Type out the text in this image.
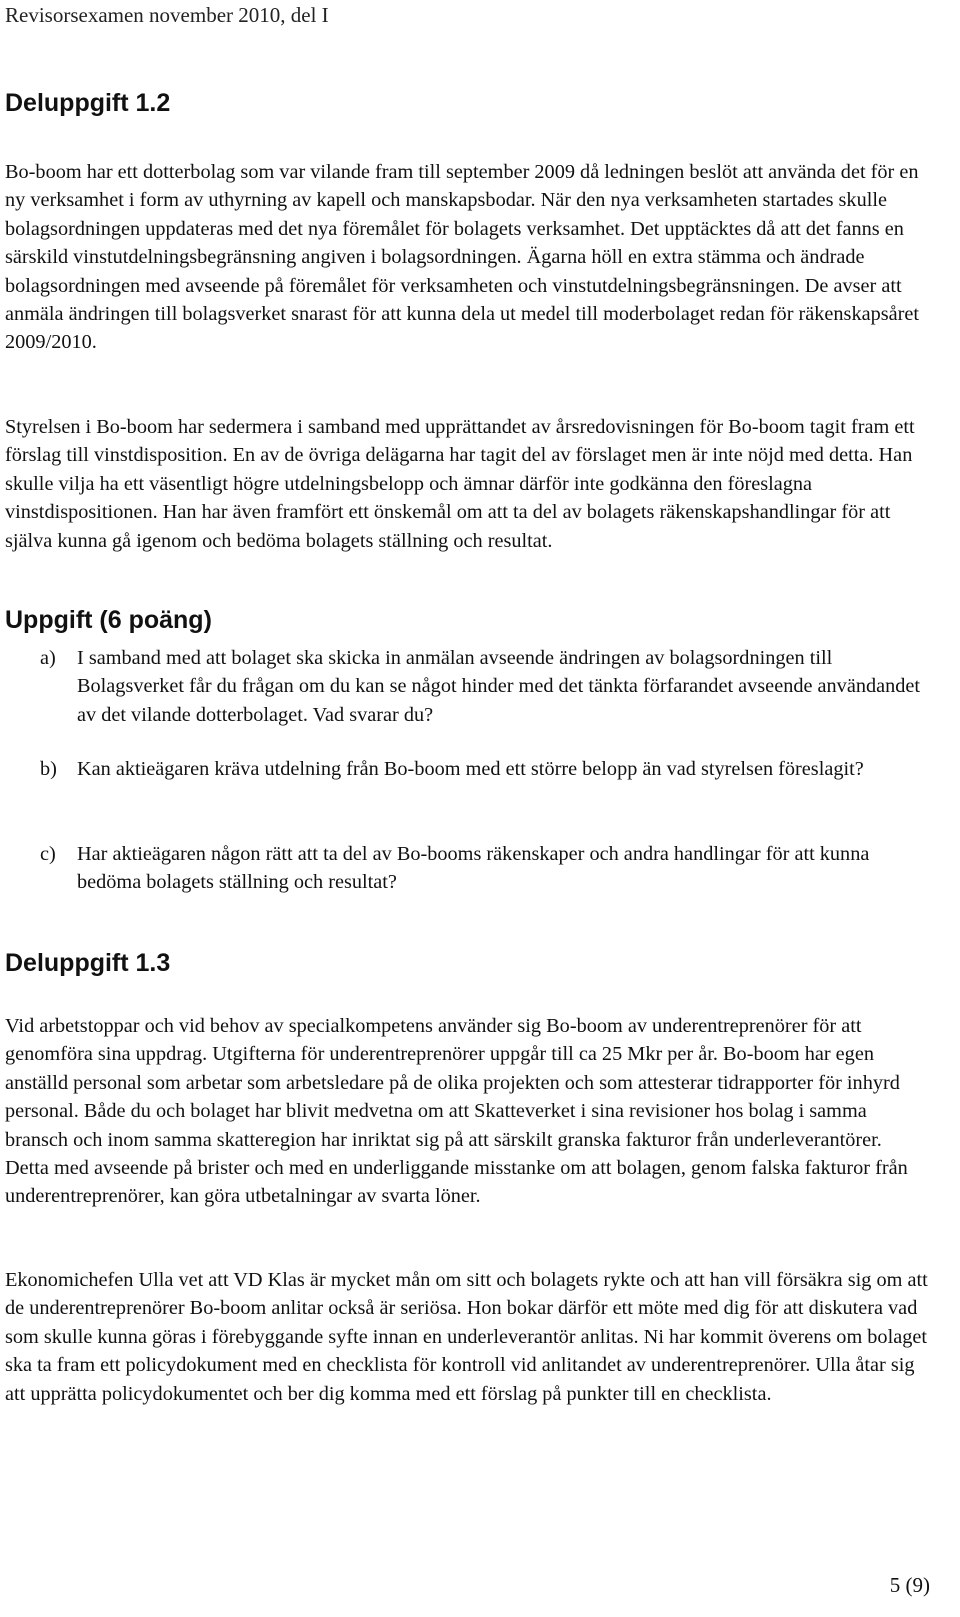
Revisorsexamen november 2010, del I
Deluppgift 1.2

Bo-boom har ett dotterbolag som var vilande fram till september 2009 då ledningen beslöt att använda det för en ny verksamhet i form av uthyrning av kapell och manskapsbodar. När den nya verksamheten startades skulle bolagsordningen uppdateras med det nya föremålet för bolagets verksamhet. Det upptäcktes då att det fanns en särskild vinstutdelningsbegränsning angiven i bolagsordningen. Ägarna höll en extra stämma och ändrade bolagsordningen med avseende på föremålet för verksamheten och vinstutdelningsbegränsningen. De avser att anmäla ändringen till bolagsverket snarast för att kunna dela ut medel till moderbolaget redan för räkenskapsåret 2009/2010.

Styrelsen i Bo-boom har sedermera i samband med upprättandet av årsredovisningen för Bo-boom tagit fram ett förslag till vinstdisposition. En av de övriga delägarna har tagit del av förslaget men är inte nöjd med detta. Han skulle vilja ha ett väsentligt högre utdelningsbelopp och ämnar därför inte godkänna den föreslagna vinstdispositionen. Han har även framfört ett önskemål om att ta del av bolagets räkenskapshandlingar för att själva kunna gå igenom och bedöma bolagets ställning och resultat.

Uppgift (6 poäng)
a) I samband med att bolaget ska skicka in anmälan avseende ändringen av bolagsordningen till Bolagsverket får du frågan om du kan se något hinder med det tänkta förfarandet avseende användandet av det vilande dotterbolaget. Vad svarar du?
b) Kan aktieägaren kräva utdelning från Bo-boom med ett större belopp än vad styrelsen föreslagit?
c) Har aktieägaren någon rätt att ta del av Bo-booms räkenskaper och andra handlingar för att kunna bedöma bolagets ställning och resultat?
Deluppgift 1.3

Vid arbetstoppar och vid behov av specialkompetens använder sig Bo-boom av underentreprenörer för att genomföra sina uppdrag. Utgifterna för underentreprenörer uppgår till ca 25 Mkr per år. Bo-boom har egen anställd personal som arbetar som arbetsledare på de olika projekten och som attesterar tidrapporter för inhyrd personal. Både du och bolaget har blivit medvetna om att Skatteverket i sina revisioner hos bolag i samma bransch och inom samma skatteregion har inriktat sig på att särskilt granska fakturor från underleverantörer. Detta med avseende på brister och med en underliggande misstanke om att bolagen, genom falska fakturor från underentreprenörer, kan göra utbetalningar av svarta löner.

Ekonomichefen Ulla vet att VD Klas är mycket mån om sitt och bolagets rykte och att han vill försäkra sig om att de underentreprenörer Bo-boom anlitar också är seriösa. Hon bokar därför ett möte med dig för att diskutera vad som skulle kunna göras i förebyggande syfte innan en underleverantör anlitas. Ni har kommit överens om bolaget ska ta fram ett policydokument med en checklista för kontroll vid anlitandet av underentreprenörer. Ulla åtar sig att upprätta policydokumentet och ber dig komma med ett förslag på punkter till en checklista.

5 (9)
